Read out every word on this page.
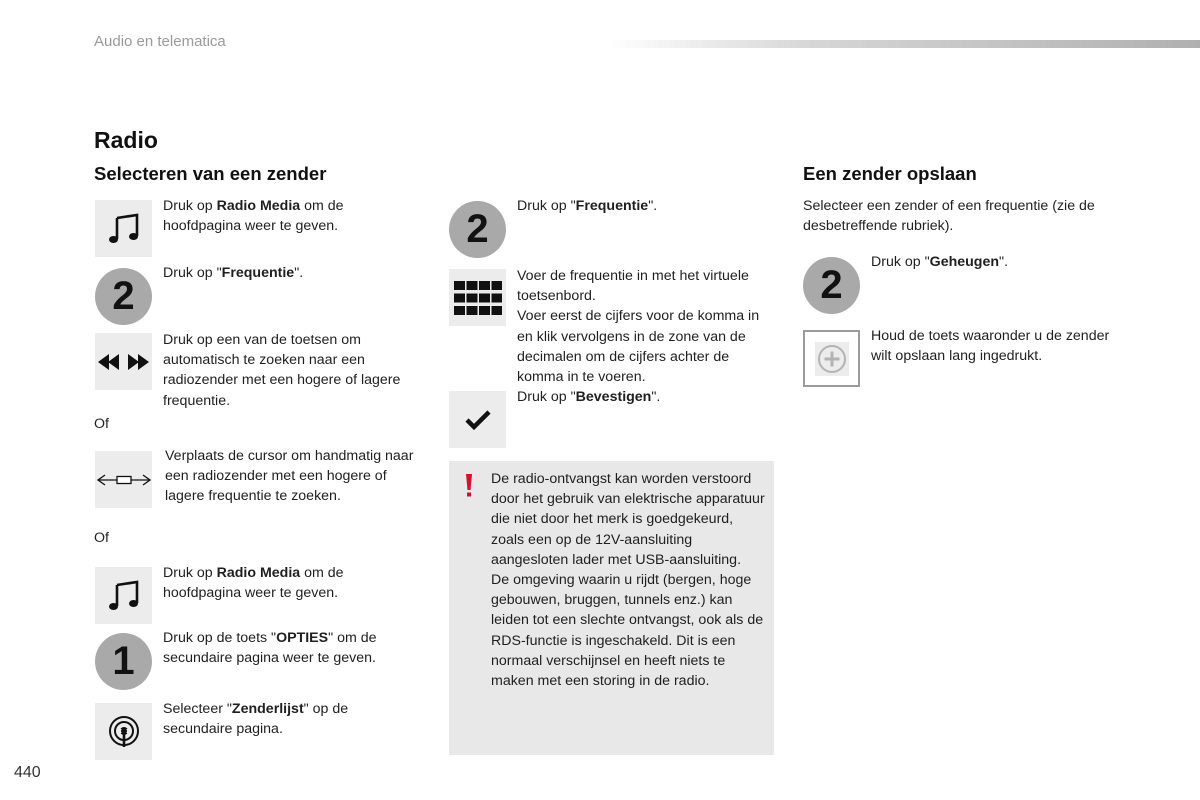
Audio en telematica
Radio
Selecteren van een zender
Druk op Radio Media om de hoofdpagina weer te geven.
2
Druk op "Frequentie".
Druk op een van de toetsen om automatisch te zoeken naar een radiozender met een hogere of lagere frequentie.
Of
Verplaats de cursor om handmatig naar een radiozender met een hogere of lagere frequentie te zoeken.
Of
Druk op Radio Media om de hoofdpagina weer te geven.
1
Druk op de toets "OPTIES" om de secundaire pagina weer te geven.
Selecteer "Zenderlijst" op de secundaire pagina.
2
Druk op "Frequentie".
Voer de frequentie in met het virtuele toetsenbord.
Voer eerst de cijfers voor de komma in en klik vervolgens in de zone van de decimalen om de cijfers achter de komma in te voeren.
Druk op "Bevestigen".
De radio-ontvangst kan worden verstoord door het gebruik van elektrische apparatuur die niet door het merk is goedgekeurd, zoals een op de 12V-aansluiting aangesloten lader met USB-aansluiting.
De omgeving waarin u rijdt (bergen, hoge gebouwen, bruggen, tunnels enz.) kan leiden tot een slechte ontvangst, ook als de RDS-functie is ingeschakeld. Dit is een normaal verschijnsel en heeft niets te maken met een storing in de radio.
Een zender opslaan
Selecteer een zender of een frequentie (zie de desbetreffende rubriek).
2
Druk op "Geheugen".
Houd de toets waaronder u de zender wilt opslaan lang ingedrukt.
440
